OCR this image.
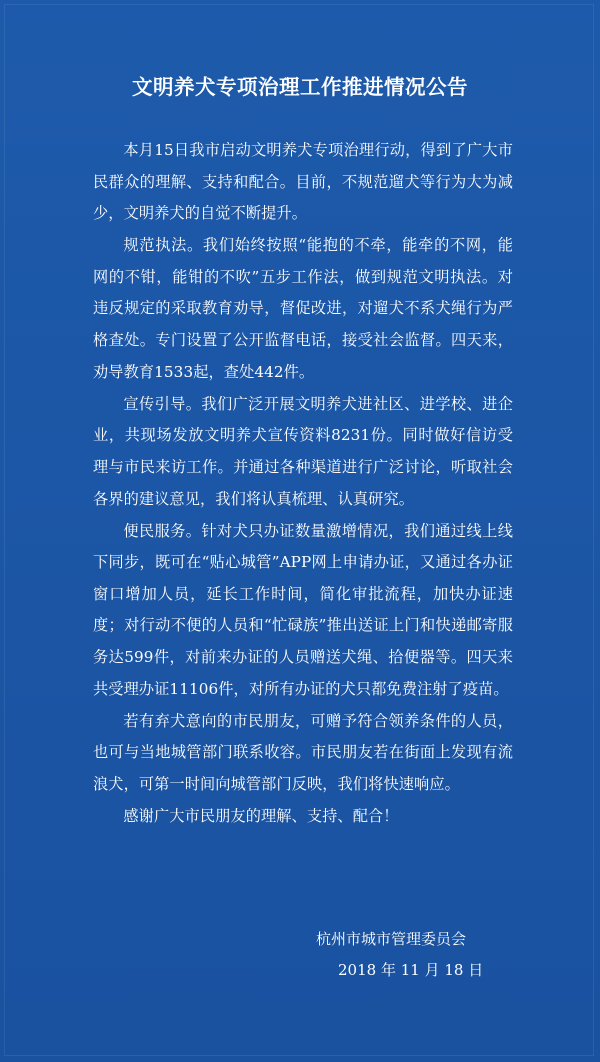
文明养犬专项治理工作推进情况公告

本月15日我市启动文明养犬专项治理行动，得到了广大市民群众的理解、支持和配合。目前，不规范遛犬等行为大为减少，文明养犬的自觉不断提升。

规范执法。我们始终按照“能抱的不牵，能牵的不网，能网的不钳，能钳的不吹”五步工作法，做到规范文明执法。对违反规定的采取教育劝导，督促改进，对遛犬不系犬绳行为严格查处。专门设置了公开监督电话，接受社会监督。四天来，劝导教育1533起，查处442件。

宣传引导。我们广泛开展文明养犬进社区、进学校、进企业，共现场发放文明养犬宣传资料8231份。同时做好信访受理与市民来访工作。并通过各种渠道进行广泛讨论，听取社会各界的建议意见，我们将认真梳理、认真研究。

便民服务。针对犬只办证数量激增情况，我们通过线上线下同步，既可在“贴心城管”APP网上申请办证，又通过各办证窗口增加人员，延长工作时间，简化审批流程，加快办证速度；对行动不便的人员和“忙碌族”推出送证上门和快递邮寄服务达599件，对前来办证的人员赠送犬绳、拾便器等。四天来共受理办证11106件，对所有办证的犬只都免费注射了疫苗。

若有弃犬意向的市民朋友，可赠予符合领养条件的人员，也可与当地城管部门联系收容。市民朋友若在街面上发现有流浪犬，可第一时间向城管部门反映，我们将快速响应。

感谢广大市民朋友的理解、支持、配合！

杭州市城市管理委员会
2018 年 11 月 18 日
